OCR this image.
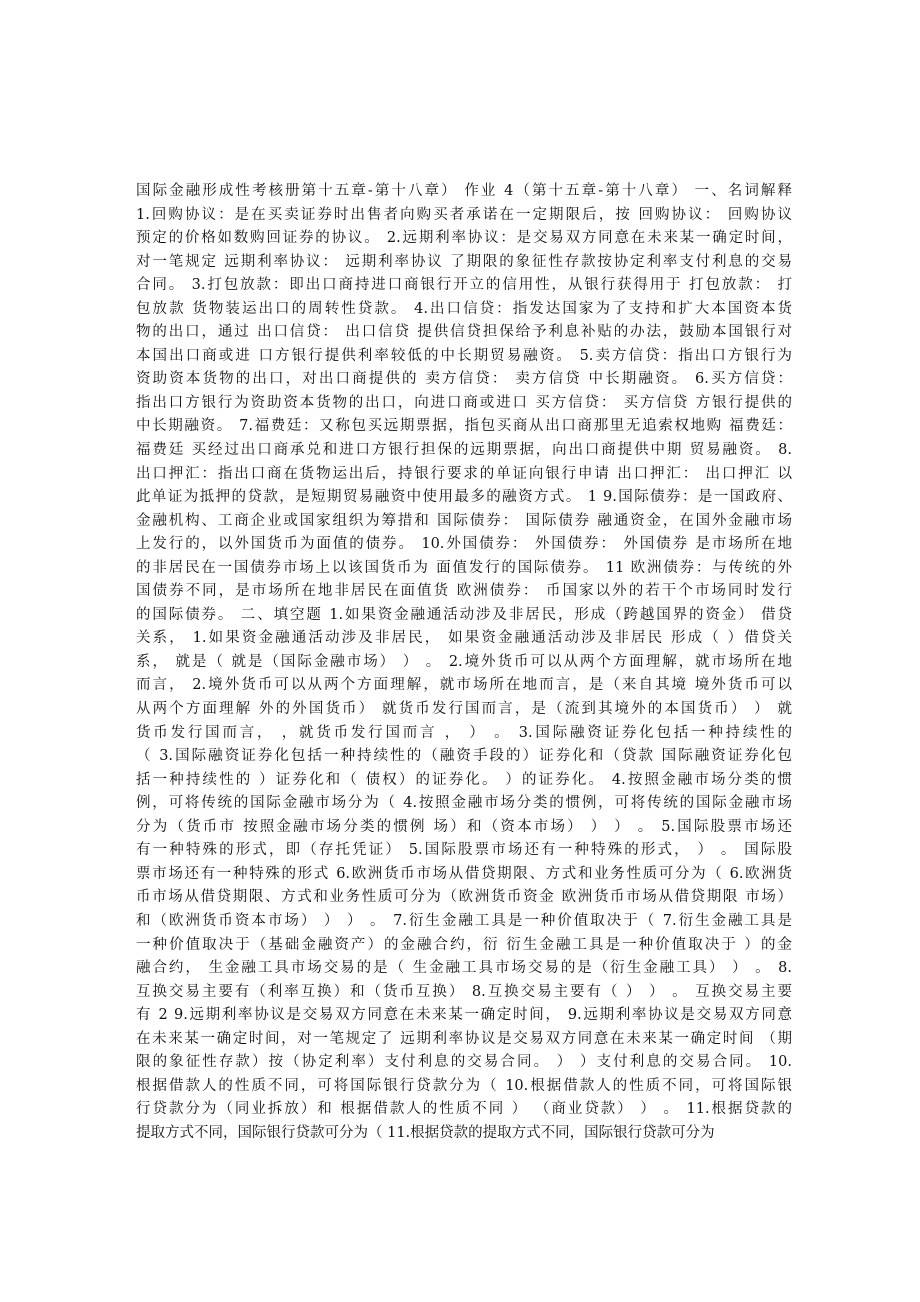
国际金融形成性考核册第十五章-第十八章） 作业 4（第十五章-第十八章） 一、名词解释
1.回购协议：是在买卖证券时出售者向购买者承诺在一定期限后，按 回购协议： 回购协议
预定的价格如数购回证券的协议。 2.远期利率协议：是交易双方同意在未来某一确定时间，
对一笔规定 远期利率协议： 远期利率协议 了期限的象征性存款按协定利率支付利息的交易
合同。 3.打包放款：即出口商持进口商银行开立的信用性，从银行获得用于 打包放款： 打
包放款 货物装运出口的周转性贷款。 4.出口信贷：指发达国家为了支持和扩大本国资本货
物的出口，通过 出口信贷： 出口信贷 提供信贷担保给予利息补贴的办法，鼓励本国银行对
本国出口商或进 口方银行提供利率较低的中长期贸易融资。 5.卖方信贷：指出口方银行为
资助资本货物的出口，对出口商提供的 卖方信贷： 卖方信贷 中长期融资。 6.买方信贷：
指出口方银行为资助资本货物的出口，向进口商或进口 买方信贷： 买方信贷 方银行提供的
中长期融资。 7.福费廷：又称包买远期票据，指包买商从出口商那里无追索权地购 福费廷：
福费廷 买经过出口商承兑和进口方银行担保的远期票据，向出口商提供中期 贸易融资。 8.
出口押汇：指出口商在货物运出后，持银行要求的单证向银行申请 出口押汇： 出口押汇 以
此单证为抵押的贷款，是短期贸易融资中使用最多的融资方式。 1 9.国际债券：是一国政府、
金融机构、工商企业或国家组织为筹措和 国际债券： 国际债券 融通资金，在国外金融市场
上发行的，以外国货币为面值的债券。 10.外国债券： 外国债券： 外国债券 是市场所在地
的非居民在一国债券市场上以该国货币为 面值发行的国际债券。 11 欧洲债券：与传统的外
国债券不同，是市场所在地非居民在面值货 欧洲债券： 币国家以外的若干个市场同时发行
的国际债券。 二、填空题 1.如果资金融通活动涉及非居民，形成（跨越国界的资金） 借贷
关系， 1.如果资金融通活动涉及非居民， 如果资金融通活动涉及非居民 形成（ ）借贷关
系， 就是（ 就是（国际金融市场） ） 。 2.境外货币可以从两个方面理解，就市场所在地
而言， 2.境外货币可以从两个方面理解，就市场所在地而言，是（来自其境 境外货币可以
从两个方面理解 外的外国货币） 就货币发行国而言，是（流到其境外的本国货币） ） 就
货币发行国而言， ，就货币发行国而言 ， ） 。 3.国际融资证券化包括一种持续性的
（ 3.国际融资证券化包括一种持续性的（融资手段的）证券化和（贷款 国际融资证券化包
括一种持续性的 ）证券化和（ 债权）的证券化。 ）的证券化。 4.按照金融市场分类的惯
例，可将传统的国际金融市场分为（ 4.按照金融市场分类的惯例，可将传统的国际金融市场
分为（货币市 按照金融市场分类的惯例 场）和（资本市场） ） ） 。 5.国际股票市场还
有一种特殊的形式，即（存托凭证） 5.国际股票市场还有一种特殊的形式， ） 。 国际股
票市场还有一种特殊的形式 6.欧洲货币市场从借贷期限、方式和业务性质可分为（ 6.欧洲货
币市场从借贷期限、方式和业务性质可分为（欧洲货币资金 欧洲货币市场从借贷期限 市场）
和（欧洲货币资本市场） ） ） 。 7.衍生金融工具是一种价值取决于（ 7.衍生金融工具是
一种价值取决于（基础金融资产）的金融合约，衍 衍生金融工具是一种价值取决于 ）的金
融合约， 生金融工具市场交易的是（ 生金融工具市场交易的是（衍生金融工具） ） 。 8.
互换交易主要有（利率互换）和（货币互换） 8.互换交易主要有（ ） ） 。 互换交易主要
有 2 9.远期利率协议是交易双方同意在未来某一确定时间， 9.远期利率协议是交易双方同意
在未来某一确定时间，对一笔规定了 远期利率协议是交易双方同意在未来某一确定时间 （期
限的象征性存款）按（协定利率）支付利息的交易合同。 ） ）支付利息的交易合同。 10.
根据借款人的性质不同，可将国际银行贷款分为（ 10.根据借款人的性质不同，可将国际银
行贷款分为（同业拆放）和 根据借款人的性质不同 ） （商业贷款） ） 。 11.根据贷款的
提取方式不同，国际银行贷款可分为（ 11.根据贷款的提取方式不同，国际银行贷款可分为
